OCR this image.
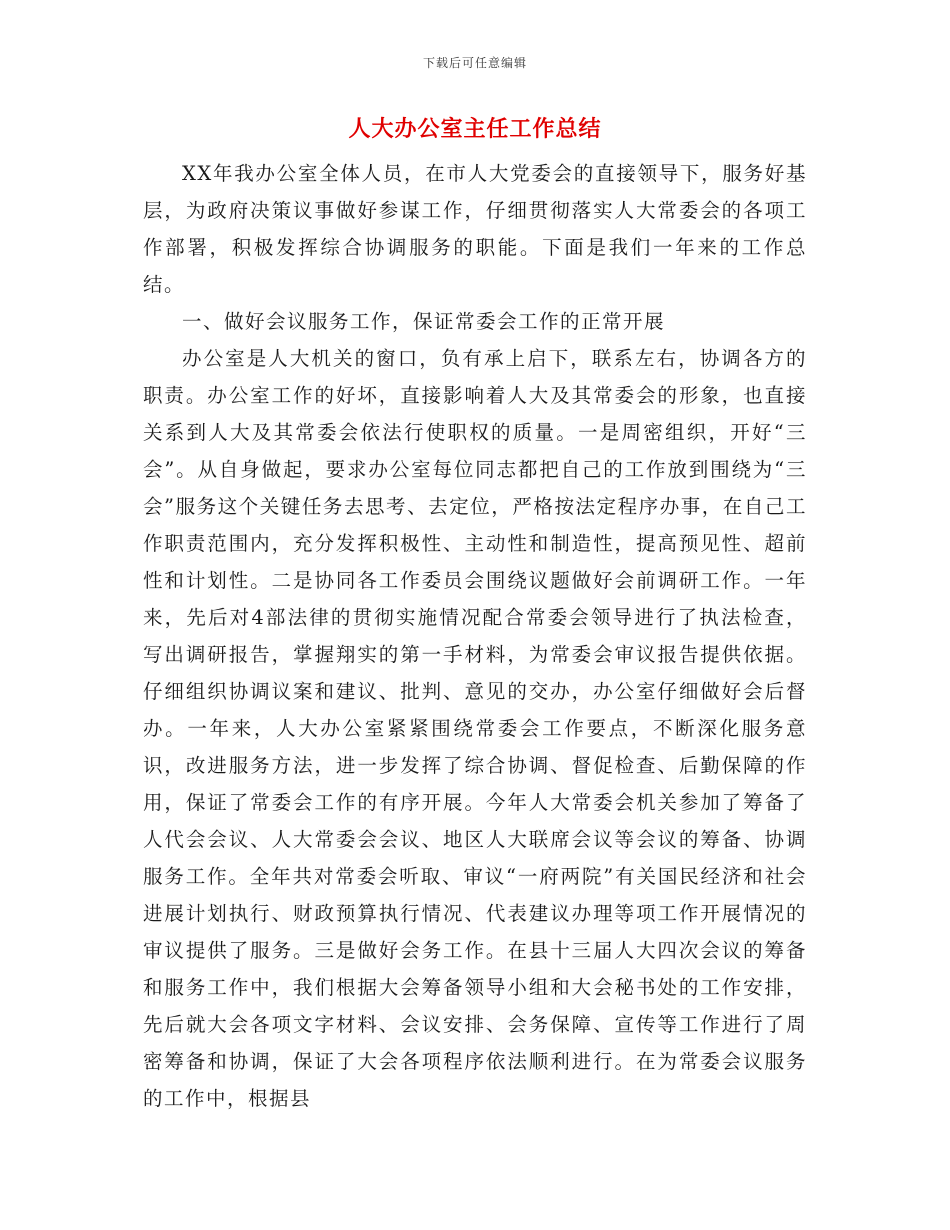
下载后可任意编辑
人大办公室主任工作总结

XX年我办公室全体人员，在市人大党委会的直接领导下，服务好基层，为政府决策议事做好参谋工作，仔细贯彻落实人大常委会的各项工作部署，积极发挥综合协调服务的职能。下面是我们一年来的工作总结。

一、做好会议服务工作，保证常委会工作的正常开展

办公室是人大机关的窗口，负有承上启下，联系左右，协调各方的职责。办公室工作的好坏，直接影响着人大及其常委会的形象，也直接关系到人大及其常委会依法行使职权的质量。一是周密组织，开好“三会”。从自身做起，要求办公室每位同志都把自己的工作放到围绕为“三会”服务这个关键任务去思考、去定位，严格按法定程序办事，在自己工作职责范围内，充分发挥积极性、主动性和制造性，提高预见性、超前性和计划性。二是协同各工作委员会围绕议题做好会前调研工作。一年来，先后对4部法律的贯彻实施情况配合常委会领导进行了执法检查，写出调研报告，掌握翔实的第一手材料，为常委会审议报告提供依据。仔细组织协调议案和建议、批判、意见的交办，办公室仔细做好会后督办。一年来，人大办公室紧紧围绕常委会工作要点，不断深化服务意识，改进服务方法，进一步发挥了综合协调、督促检查、后勤保障的作用，保证了常委会工作的有序开展。今年人大常委会机关参加了筹备了人代会会议、人大常委会会议、地区人大联席会议等会议的筹备、协调服务工作。全年共对常委会听取、审议“一府两院”有关国民经济和社会进展计划执行、财政预算执行情况、代表建议办理等项工作开展情况的审议提供了服务。三是做好会务工作。在县十三届人大四次会议的筹备和服务工作中，我们根据大会筹备领导小组和大会秘书处的工作安排，先后就大会各项文字材料、会议安排、会务保障、宣传等工作进行了周密筹备和协调，保证了大会各项程序依法顺利进行。在为常委会议服务的工作中，根据县
